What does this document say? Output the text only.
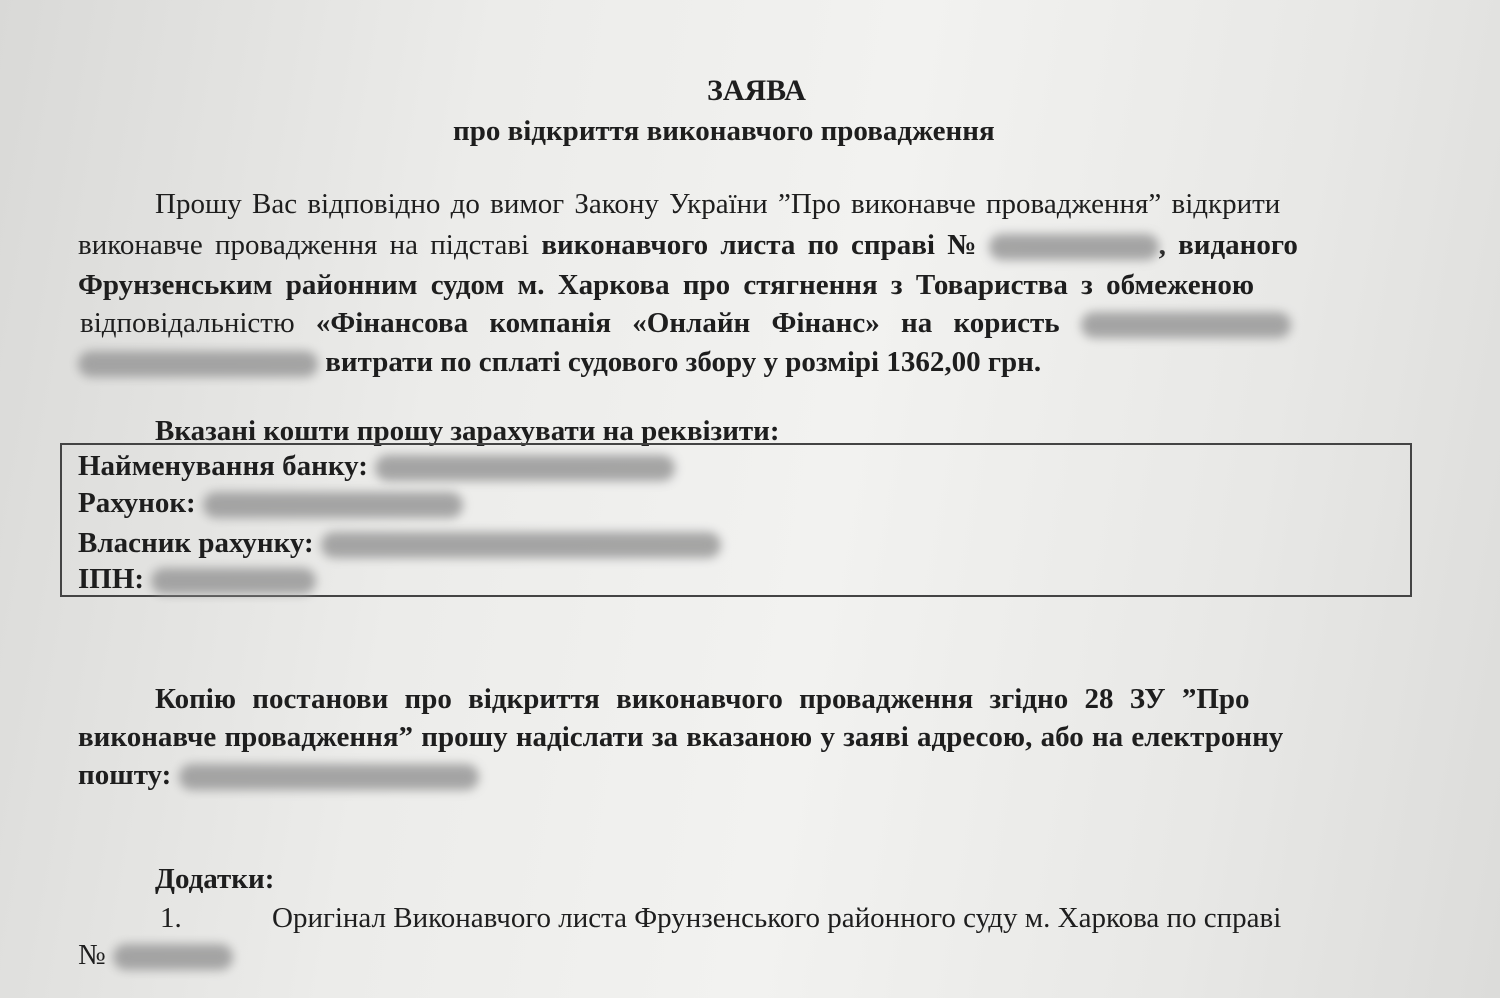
ЗАЯВА
про відкриття виконавчого провадження
Прошу Вас відповідно до вимог Закону України ”Про виконавче провадження” відкрити
виконавче провадження на підставі виконавчого листа по справі №	, виданого
Фрунзенським районним судом м. Харкова про стягнення з Товариства з обмеженою
відповідальністю «Фінансова компанія «Онлайн Фінанс» на користь
витрати по сплаті судового збору у розмірі 1362,00 грн.
Вказані кошти прошу зарахувати на реквізити:
Найменування банку:
Рахунок:
Власник рахунку:
ІПН:
Копію постанови про відкриття виконавчого провадження згідно 28 ЗУ ”Про
виконавче провадження” прошу надіслати за вказаною у заяві адресою, або на електронну
пошту:
Додатки:
1.	Оригінал Виконавчого листа Фрунзенського районного суду м. Харкова по справі
№
